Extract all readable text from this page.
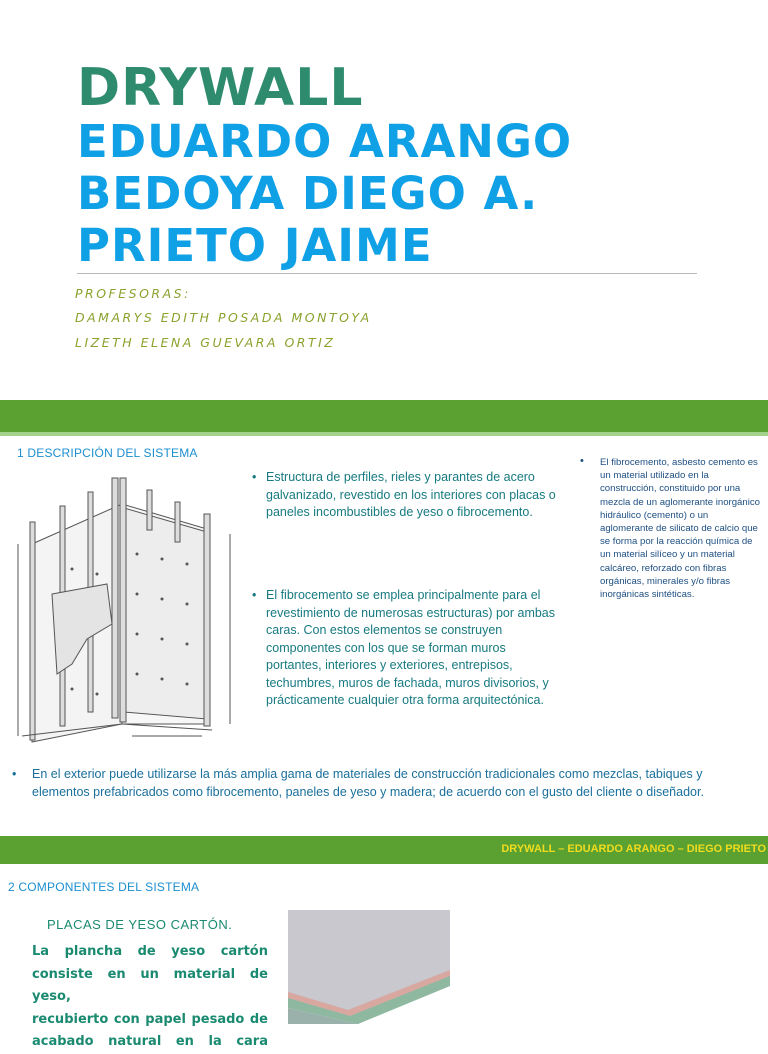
DRYWALL
EDUARDO ARANGO
BEDOYA DIEGO A.
PRIETO JAIME
PROFESORAS:
DAMARYS EDITH POSADA MONTOYA
LIZETH ELENA GUEVARA ORTIZ
1 DESCRIPCIÓN DEL SISTEMA
• Estructura de perfiles, rieles y parantes de acero galvanizado, revestido en los interiores con placas o paneles incombustibles de yeso o fibrocemento.
• El fibrocemento se emplea principalmente para el revestimiento de numerosas estructuras) por ambas caras. Con estos elementos se construyen componentes con los que se forman muros portantes, interiores y exteriores, entrepisos, techumbres, muros de fachada, muros divisorios, y prácticamente cualquier otra forma arquitectónica.
• El fibrocemento, asbesto cemento es un material utilizado en la construcción, constituido por una mezcla de un aglomerante inorgánico hidráulico (cemento) o un aglomerante de silicato de calcio que se forma por la reacción química de un material silíceo y un material calcáreo, reforzado con fibras orgánicas, minerales y/o fibras inorgánicas sintéticas.
• En el exterior puede utilizarse la más amplia gama de materiales de construcción tradicionales como mezclas, tabiques y elementos prefabricados como fibrocemento, paneles de yeso y madera; de acuerdo con el gusto del cliente o diseñador.
DRYWALL – EDUARDO ARANGO – DIEGO PRIETO
2 COMPONENTES DEL SISTEMA
PLACAS DE YESO CARTÓN.
La plancha de yeso cartón
consiste en un material de yeso,
recubierto con papel pesado de
acabado natural en la cara
